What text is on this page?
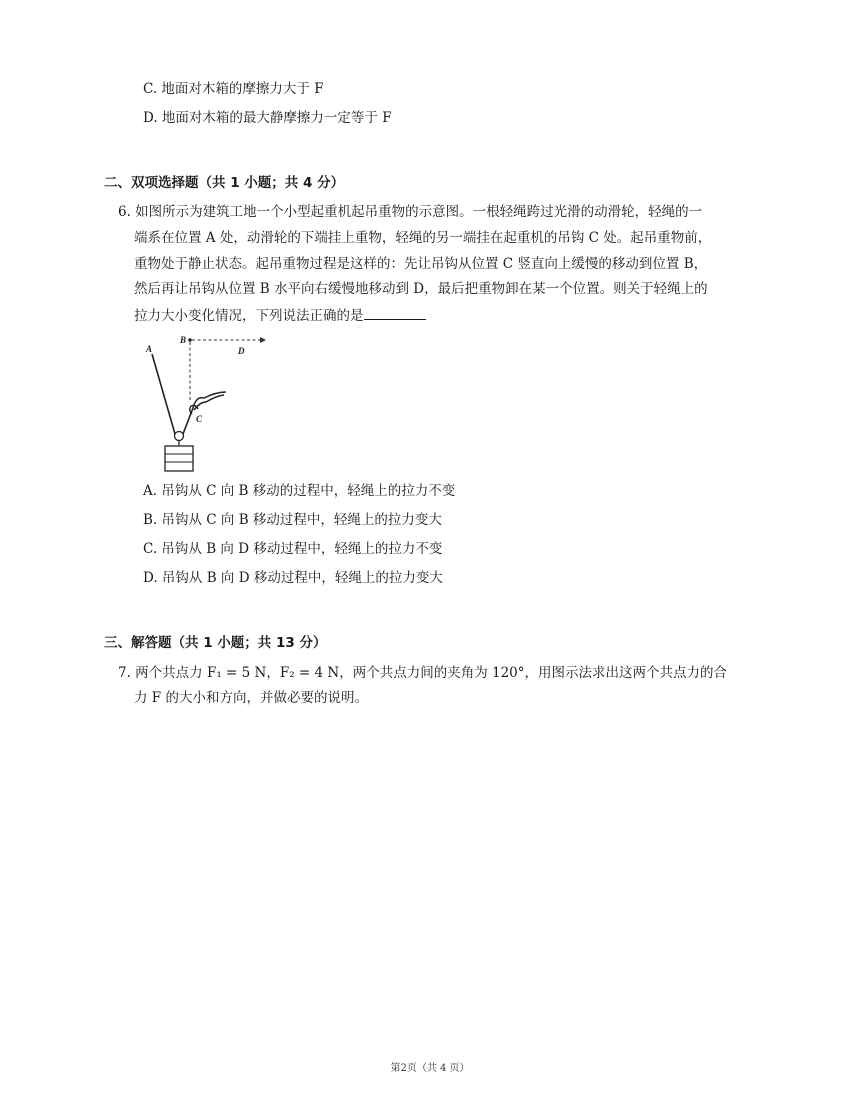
C. 地面对木箱的摩擦力大于 F
D. 地面对木箱的最大静摩擦力一定等于 F
二、双项选择题（共 1 小题；共 4 分）
6. 如图所示为建筑工地一个小型起重机起吊重物的示意图。一根轻绳跨过光滑的动滑轮，轻绳的一
端系在位置 A 处，动滑轮的下端挂上重物，轻绳的另一端挂在起重机的吊钩 C 处。起吊重物前，
重物处于静止状态。起吊重物过程是这样的：先让吊钩从位置 C 竖直向上缓慢的移动到位置 B，
然后再让吊钩从位置 B 水平向右缓慢地移动到 D，最后把重物卸在某一个位置。则关于轻绳上的
拉力大小变化情况，下列说法正确的是
A
B
D
C
A. 吊钩从 C 向 B 移动的过程中，轻绳上的拉力不变
B. 吊钩从 C 向 B 移动过程中，轻绳上的拉力变大
C. 吊钩从 B 向 D 移动过程中，轻绳上的拉力不变
D. 吊钩从 B 向 D 移动过程中，轻绳上的拉力变大
三、解答题（共 1 小题；共 13 分）
7. 两个共点力 F₁ = 5 N，F₂ = 4 N，两个共点力间的夹角为 120°，用图示法求出这两个共点力的合
力 F 的大小和方向，并做必要的说明。
第2页（共 4 页）
